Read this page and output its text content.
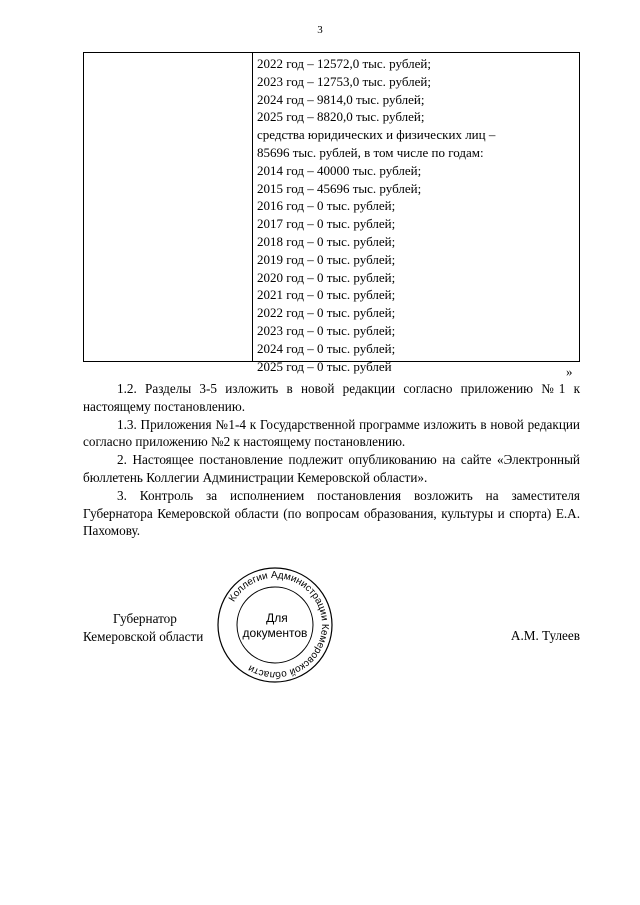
3
2022 год – 12572,0 тыс. рублей;
2023 год – 12753,0 тыс. рублей;
2024 год – 9814,0 тыс. рублей;
2025 год – 8820,0 тыс. рублей;
средства юридических и физических лиц –
85696 тыс. рублей, в том числе по годам:
2014 год – 40000 тыс. рублей;
2015 год – 45696 тыс. рублей;
2016 год – 0 тыс. рублей;
2017 год – 0 тыс. рублей;
2018 год – 0 тыс. рублей;
2019 год – 0 тыс. рублей;
2020 год – 0 тыс. рублей;
2021 год – 0 тыс. рублей;
2022 год – 0 тыс. рублей;
2023 год – 0 тыс. рублей;
2024 год – 0 тыс. рублей;
2025 год – 0 тыс. рублей	»

1.2. Разделы 3-5 изложить в новой редакции согласно приложению №1 к настоящему постановлению.

1.3. Приложения №1-4 к Государственной программе изложить в новой редакции согласно приложению №2 к настоящему постановлению.

2. Настоящее постановление подлежит опубликованию на сайте «Электронный бюллетень Коллегии Администрации Кемеровской области».

3. Контроль за исполнением постановления возложить на заместителя Губернатора Кемеровской области (по вопросам образования, культуры и спорта) Е.А. Пахомову.

Губернатор
Кемеровской области	А.М. Тулеев
Коллегии Администрации Кемеровской области
Для
документов
